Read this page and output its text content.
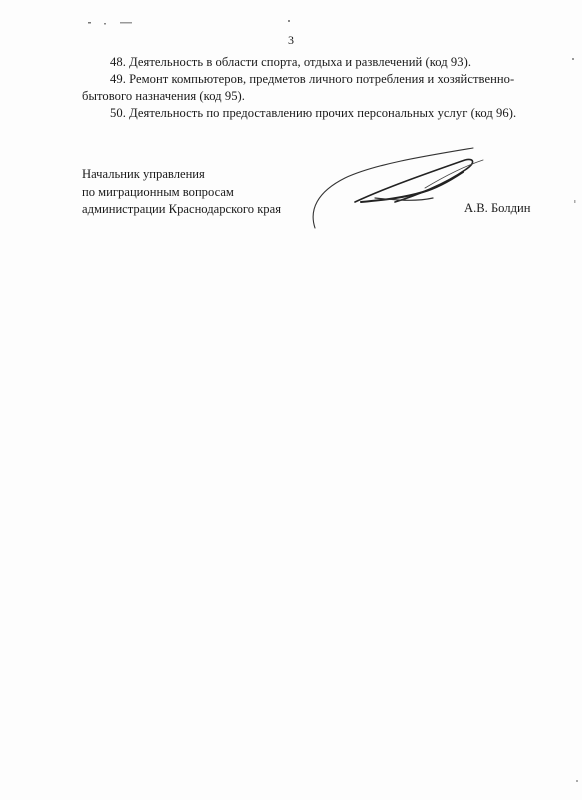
3

48. Деятельность в области спорта, отдыха и развлечений (код 93).

49. Ремонт компьютеров, предметов личного потребления и хозяйственно-
бытового назначения (код 95).

50. Деятельность по предоставлению прочих персональных услуг (код 96).

Начальник управления
по миграционным вопросам
администрации Краснодарского края	А.В. Болдин
